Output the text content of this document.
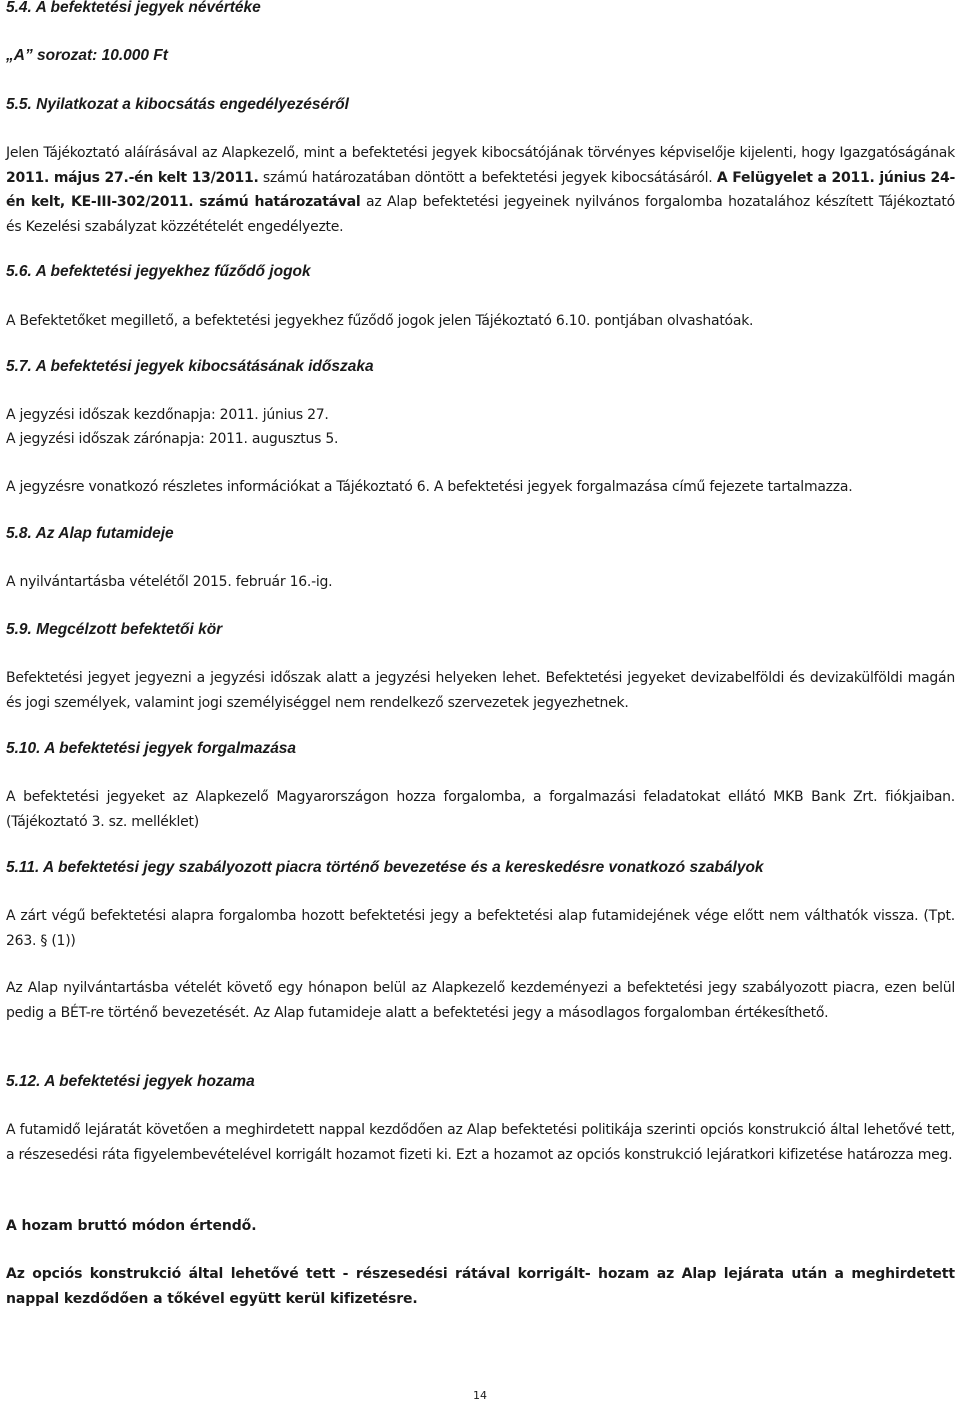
5.4. A befektetési jegyek névértéke
„A” sorozat: 10.000 Ft
5.5. Nyilatkozat a kibocsátás engedélyezéséről

Jelen Tájékoztató aláírásával az Alapkezelő, mint a befektetési jegyek kibocsátójának törvényes képviselője kijelenti, hogy Igazgatóságának 2011. május 27.-én kelt 13/2011. számú határozatában döntött a befektetési jegyek kibocsátásáról. A Felügyelet a 2011. június 24-én kelt, KE-III-302/2011. számú határozatával az Alap befektetési jegyeinek nyilvános forgalomba hozatalához készített Tájékoztató és Kezelési szabályzat közzétételét engedélyezte.

5.6. A befektetési jegyekhez fűződő jogok

A Befektetőket megillető, a befektetési jegyekhez fűződő jogok jelen Tájékoztató 6.10. pontjában olvashatóak.

5.7. A befektetési jegyek kibocsátásának időszaka

A jegyzési időszak kezdőnapja: 2011. június 27.

A jegyzési időszak zárónapja: 2011. augusztus 5.

A jegyzésre vonatkozó részletes információkat a Tájékoztató 6. A befektetési jegyek forgalmazása című fejezete tartalmazza.

5.8. Az Alap futamideje

A nyilvántartásba vételétől 2015. február 16.-ig.

5.9. Megcélzott befektetői kör

Befektetési jegyet jegyezni a jegyzési időszak alatt a jegyzési helyeken lehet. Befektetési jegyeket devizabelföldi és devizakülföldi magán és jogi személyek, valamint jogi személyiséggel nem rendelkező szervezetek jegyezhetnek.

5.10. A befektetési jegyek forgalmazása

A befektetési jegyeket az Alapkezelő Magyarországon hozza forgalomba, a forgalmazási feladatokat ellátó MKB Bank Zrt. fiókjaiban. (Tájékoztató 3. sz. melléklet)

5.11. A befektetési jegy szabályozott piacra történő bevezetése és a kereskedésre vonatkozó szabályok

A zárt végű befektetési alapra forgalomba hozott befektetési jegy a befektetési alap futamidejének vége előtt nem válthatók vissza. (Tpt. 263. § (1))

Az Alap nyilvántartásba vételét követő egy hónapon belül az Alapkezelő kezdeményezi a befektetési jegy szabályozott piacra, ezen belül pedig a BÉT-re történő bevezetését. Az Alap futamideje alatt a befektetési jegy a másodlagos forgalomban értékesíthető.

5.12. A befektetési jegyek hozama

A futamidő lejáratát követően a meghirdetett nappal kezdődően az Alap befektetési politikája szerinti opciós konstrukció által lehetővé tett, a részesedési ráta figyelembevételével korrigált hozamot fizeti ki. Ezt a hozamot az opciós konstrukció lejáratkori kifizetése határozza meg.

A hozam bruttó módon értendő.

Az opciós konstrukció által lehetővé tett - részesedési rátával korrigált- hozam az Alap lejárata után a meghirdetett nappal kezdődően a tőkével együtt kerül kifizetésre.

14
